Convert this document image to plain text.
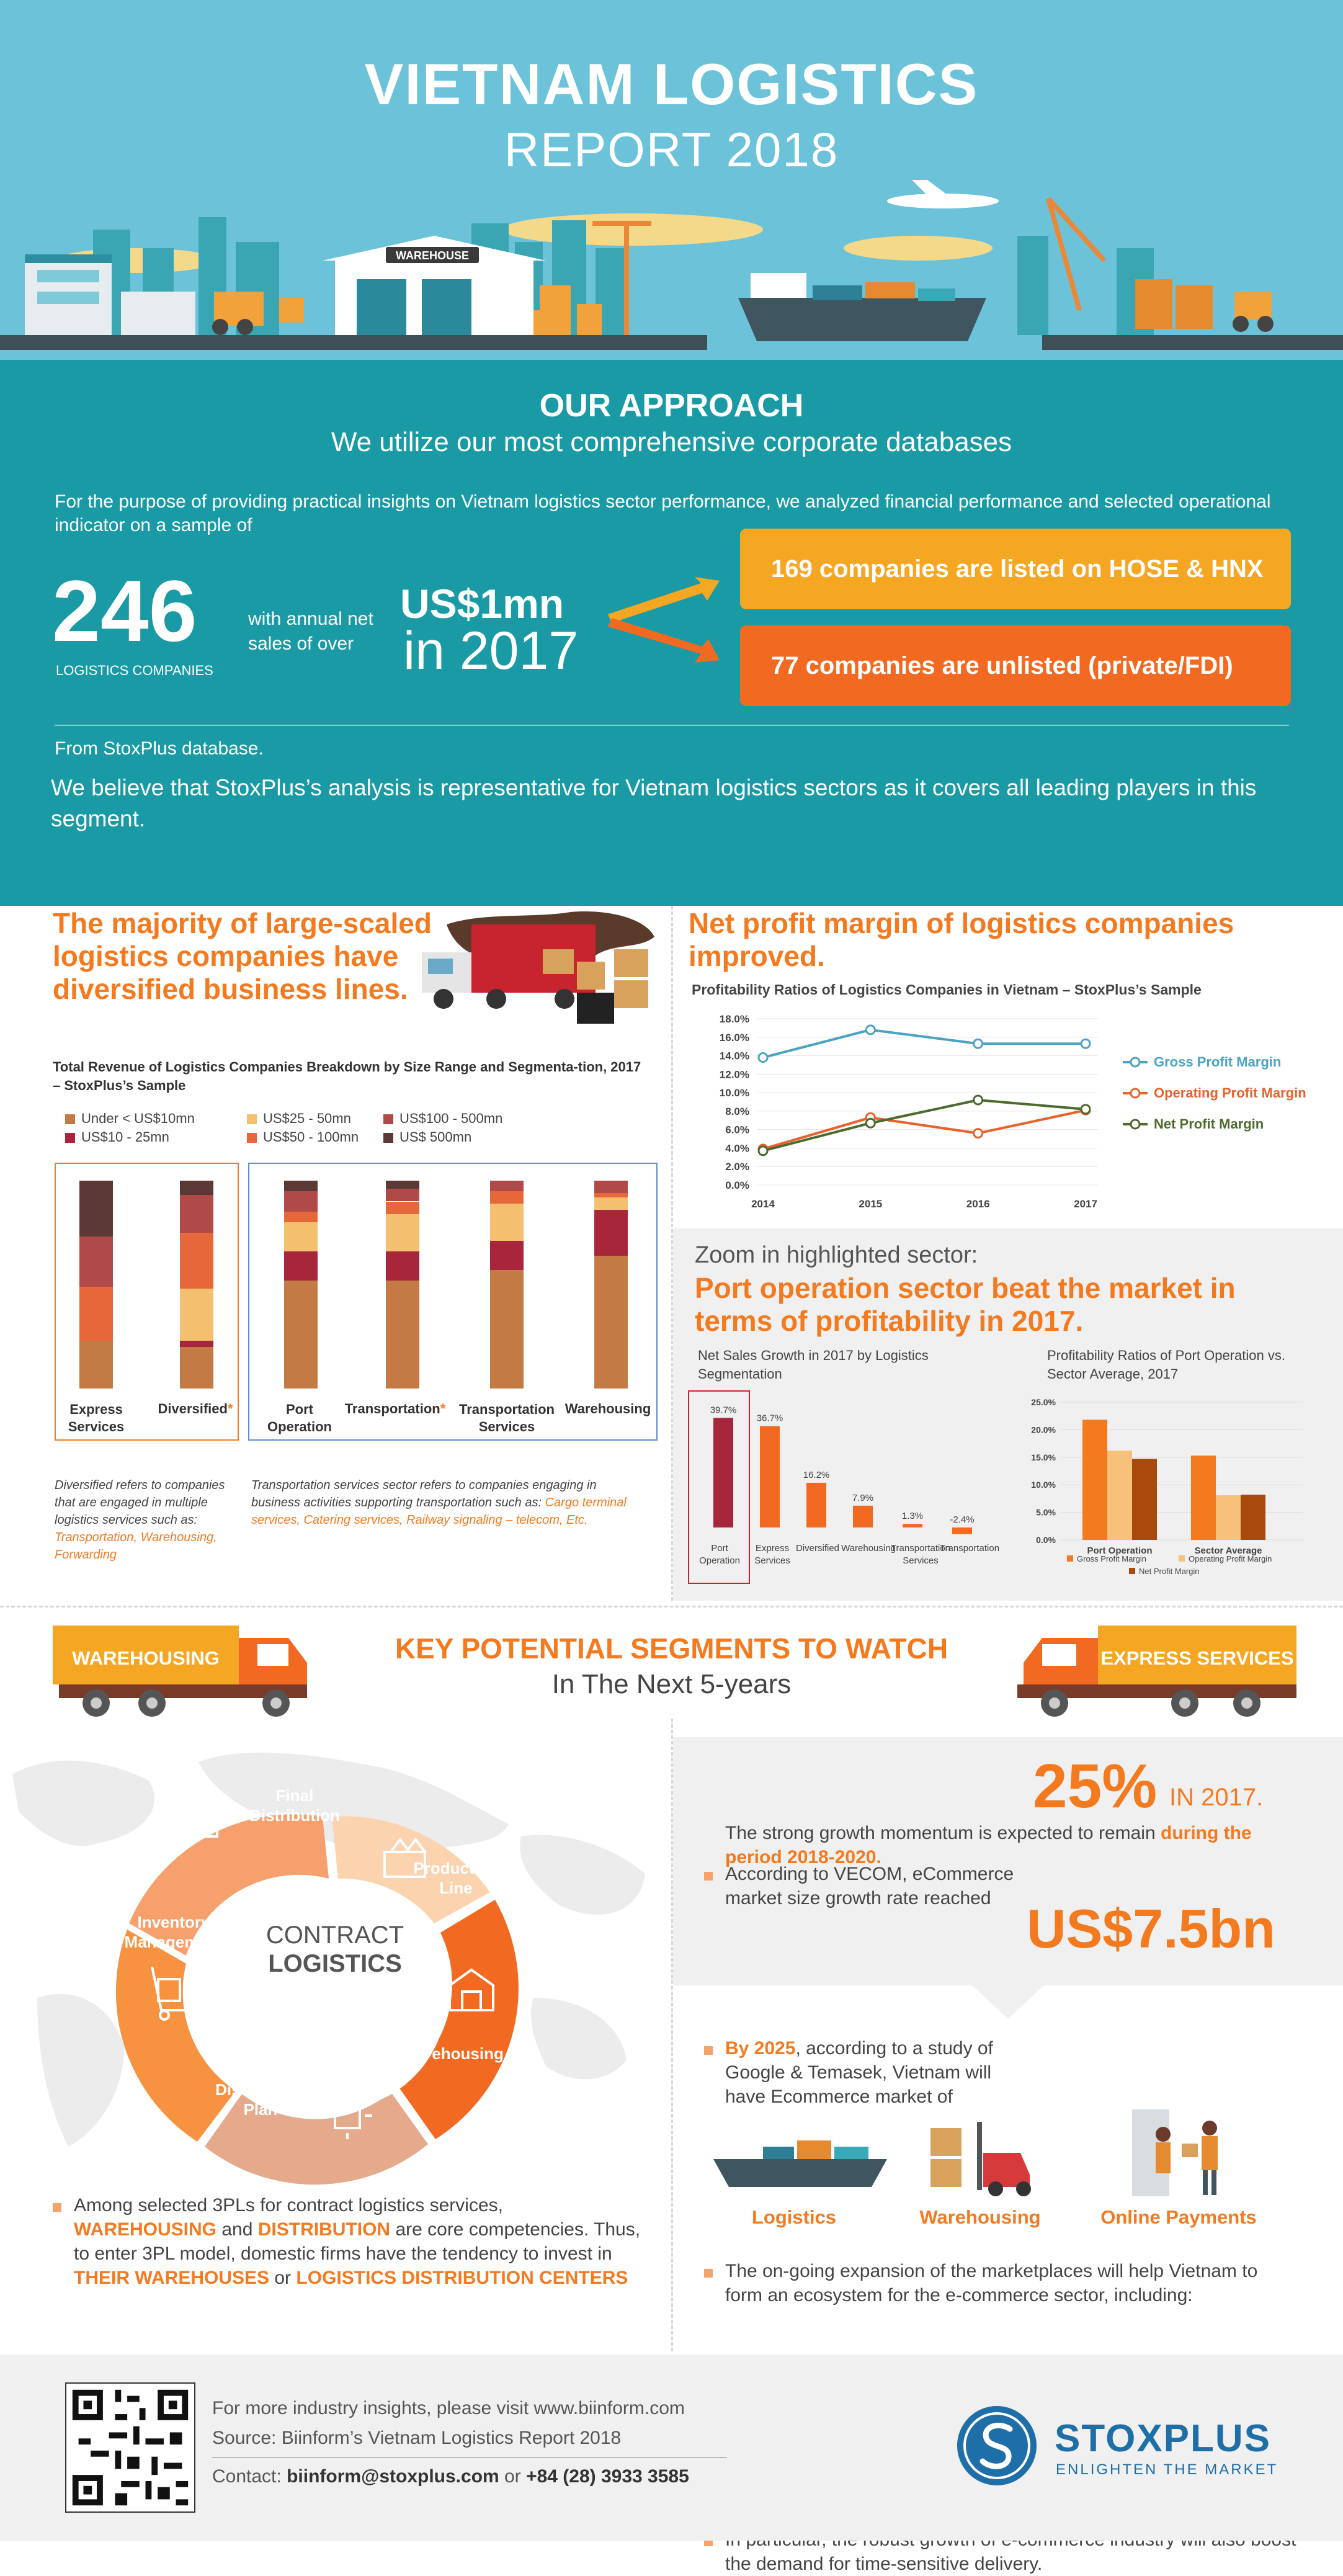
VIETNAM LOGISTICS
REPORT 2018
WAREHOUSE
OUR APPROACH
We utilize our most comprehensive corporate databases
For the purpose of providing practical insights on Vietnam logistics sector performance, we analyzed financial performance and selected operational indicator on a sample of
246
LOGISTICS COMPANIES
with annual net sales of over
US$1mn
in 2017
169 companies are listed on HOSE & HNX
77 companies are unlisted (private/FDI)
From StoxPlus database.
We believe that StoxPlus’s analysis is representative for Vietnam logistics sectors as it covers all leading players in this segment.
The majority of large-scaled logistics companies have diversified business lines.
Total Revenue of Logistics Companies Breakdown by Size Range and Segmenta-tion, 2017 – StoxPlus’s Sample
Under < US$10mn
US$10 - 25mn
US$25 - 50mn
US$50 - 100mn
US$100 - 500mn
US$ 500mn
Express Services
Diversified*	Port Operation
Transportation* Transportation Services
Warehousing
Diversified refers to companies that are engaged in multiple logistics services such as: Transportation, Warehousing, Forwarding
Transportation services sector refers to companies engaging in business activities supporting transportation such as: Cargo terminal services, Catering services, Railway signaling – telecom, Etc.
Net profit margin of logistics companies improved.
Profitability Ratios of Logistics Companies in Vietnam – StoxPlus’s Sample
18.0%
16.0%
14.0%
12.0%
10.0%
8.0%
6.0%
4.0%
2.0%
0.0%
2014	2015	2016	2017
Gross Profit Margin
Operating Profit Margin
Net Profit Margin
Zoom in highlighted sector:
Port operation sector beat the market in terms of profitability in 2017.
Net Sales Growth in 2017 by Logistics Segmentation
Profitability Ratios of Port Operation vs. Sector Average, 2017
39.7%
36.7%
16.2%
7.9%
1.3%	-2.4%
Port
Operation
Express
Services
Diversified Warehousing
Transportation
Services
Transportation
25.0%
20.0%
15.0%
10.0%
5.0%
0.0%
Port Operation	Sector Average
Gross Profit Margin	Operating Profit Margin
Net Profit Margin
WAREHOUSING	EXPRESS SERVICES
KEY POTENTIAL SEGMENTS TO WATCH
In The Next 5-years
CONTRACT
LOGISTICS
Final Distribution
Production Line
Warehousing
Distribution Plan
Inventory Management
Among selected 3PLs for contract logistics services, WAREHOUSING and DISTRIBUTION are core competencies. Thus, to enter 3PL model, domestic firms have the tendency to invest in THEIR WAREHOUSES or LOGISTICS DISTRIBUTION CENTERS
According to VECOM, eCommerce market size growth rate reached
25% IN 2017.
The strong growth momentum is expected to remain during the period 2018-2020.
By 2025, according to a study of Google & Temasek, Vietnam will have Ecommerce market of
US$7.5bn
The on-going expansion of the marketplaces will help Vietnam to form an ecosystem for the e-commerce sector, including:
Logistics	Warehousing	Online Payments
the demand for time-sensitive delivery.
For more industry insights, please visit www.biinform.com
Source: Biinform’s Vietnam Logistics Report 2018
Contact: biinform@stoxplus.com or +84 (28) 3933 3585
STOXPLUS
ENLIGHTEN THE MARKET
